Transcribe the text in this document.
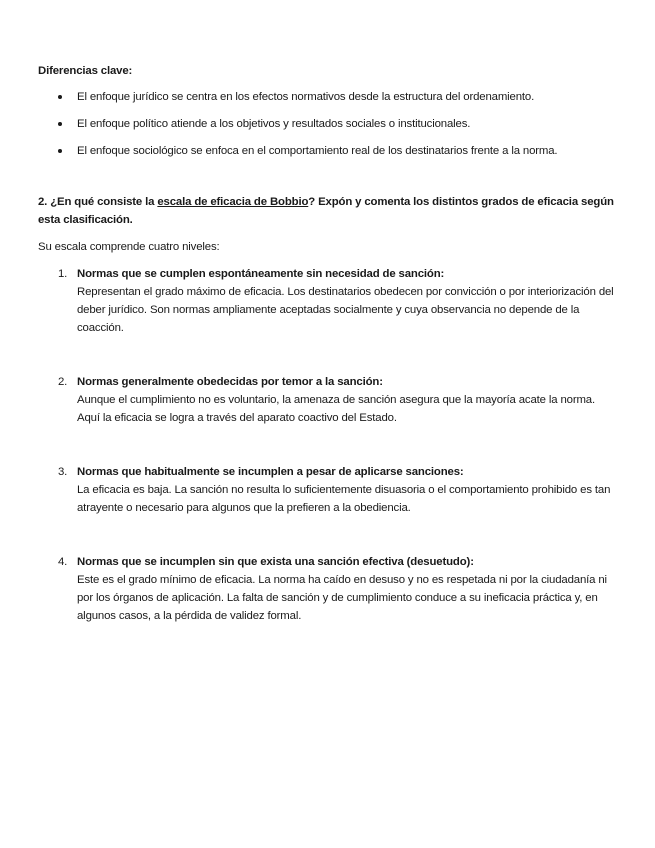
Diferencias clave:
El enfoque jurídico se centra en los efectos normativos desde la estructura del ordenamiento.
El enfoque político atiende a los objetivos y resultados sociales o institucionales.
El enfoque sociológico se enfoca en el comportamiento real de los destinatarios frente a la norma.
2. ¿En qué consiste la escala de eficacia de Bobbio? Expón y comenta los distintos grados de eficacia según esta clasificación.
Su escala comprende cuatro niveles:
1. Normas que se cumplen espontáneamente sin necesidad de sanción:
Representan el grado máximo de eficacia. Los destinatarios obedecen por convicción o por interiorización del deber jurídico. Son normas ampliamente aceptadas socialmente y cuya observancia no depende de la coacción.
2. Normas generalmente obedecidas por temor a la sanción:
Aunque el cumplimiento no es voluntario, la amenaza de sanción asegura que la mayoría acate la norma. Aquí la eficacia se logra a través del aparato coactivo del Estado.
3. Normas que habitualmente se incumplen a pesar de aplicarse sanciones:
La eficacia es baja. La sanción no resulta lo suficientemente disuasoria o el comportamiento prohibido es tan atrayente o necesario para algunos que la prefieren a la obediencia.
4. Normas que se incumplen sin que exista una sanción efectiva (desuetudo):
Este es el grado mínimo de eficacia. La norma ha caído en desuso y no es respetada ni por la ciudadanía ni por los órganos de aplicación. La falta de sanción y de cumplimiento conduce a su ineficacia práctica y, en algunos casos, a la pérdida de validez formal.
